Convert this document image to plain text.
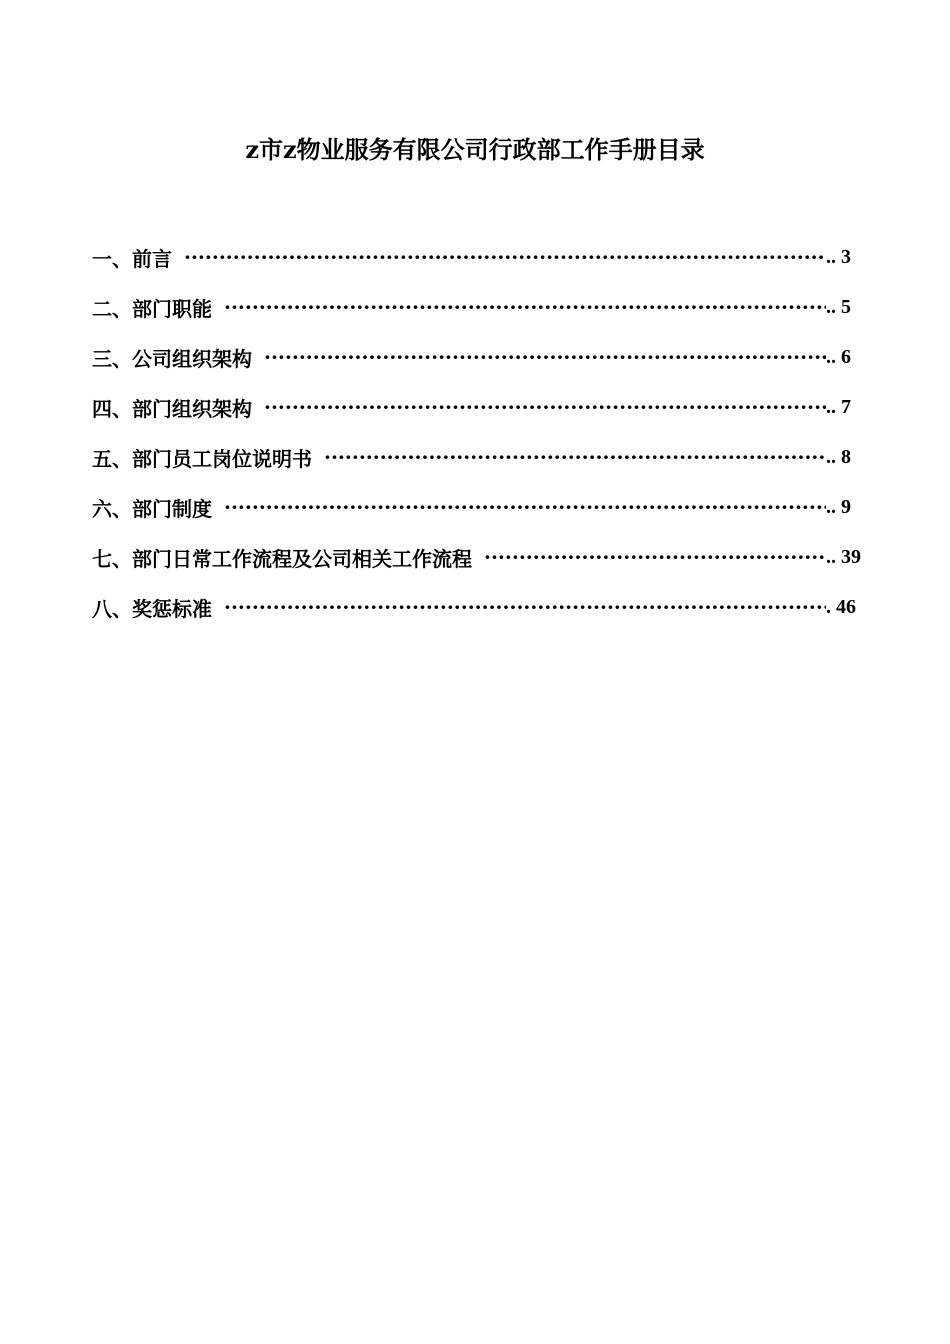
z市z物业服务有限公司行政部工作手册目录
一、前言 ·····	.. 3
二、部门职能 ·····	.. 5
三、公司组织架构 ·····	.. 6
四、部门组织架构 ·····	.. 7
五、部门员工岗位说明书 ·····	.. 8
六、部门制度 ·····	.. 9
七、部门日常工作流程及公司相关工作流程 ·····	.. 39
八、奖惩标准 ·····	. 46
